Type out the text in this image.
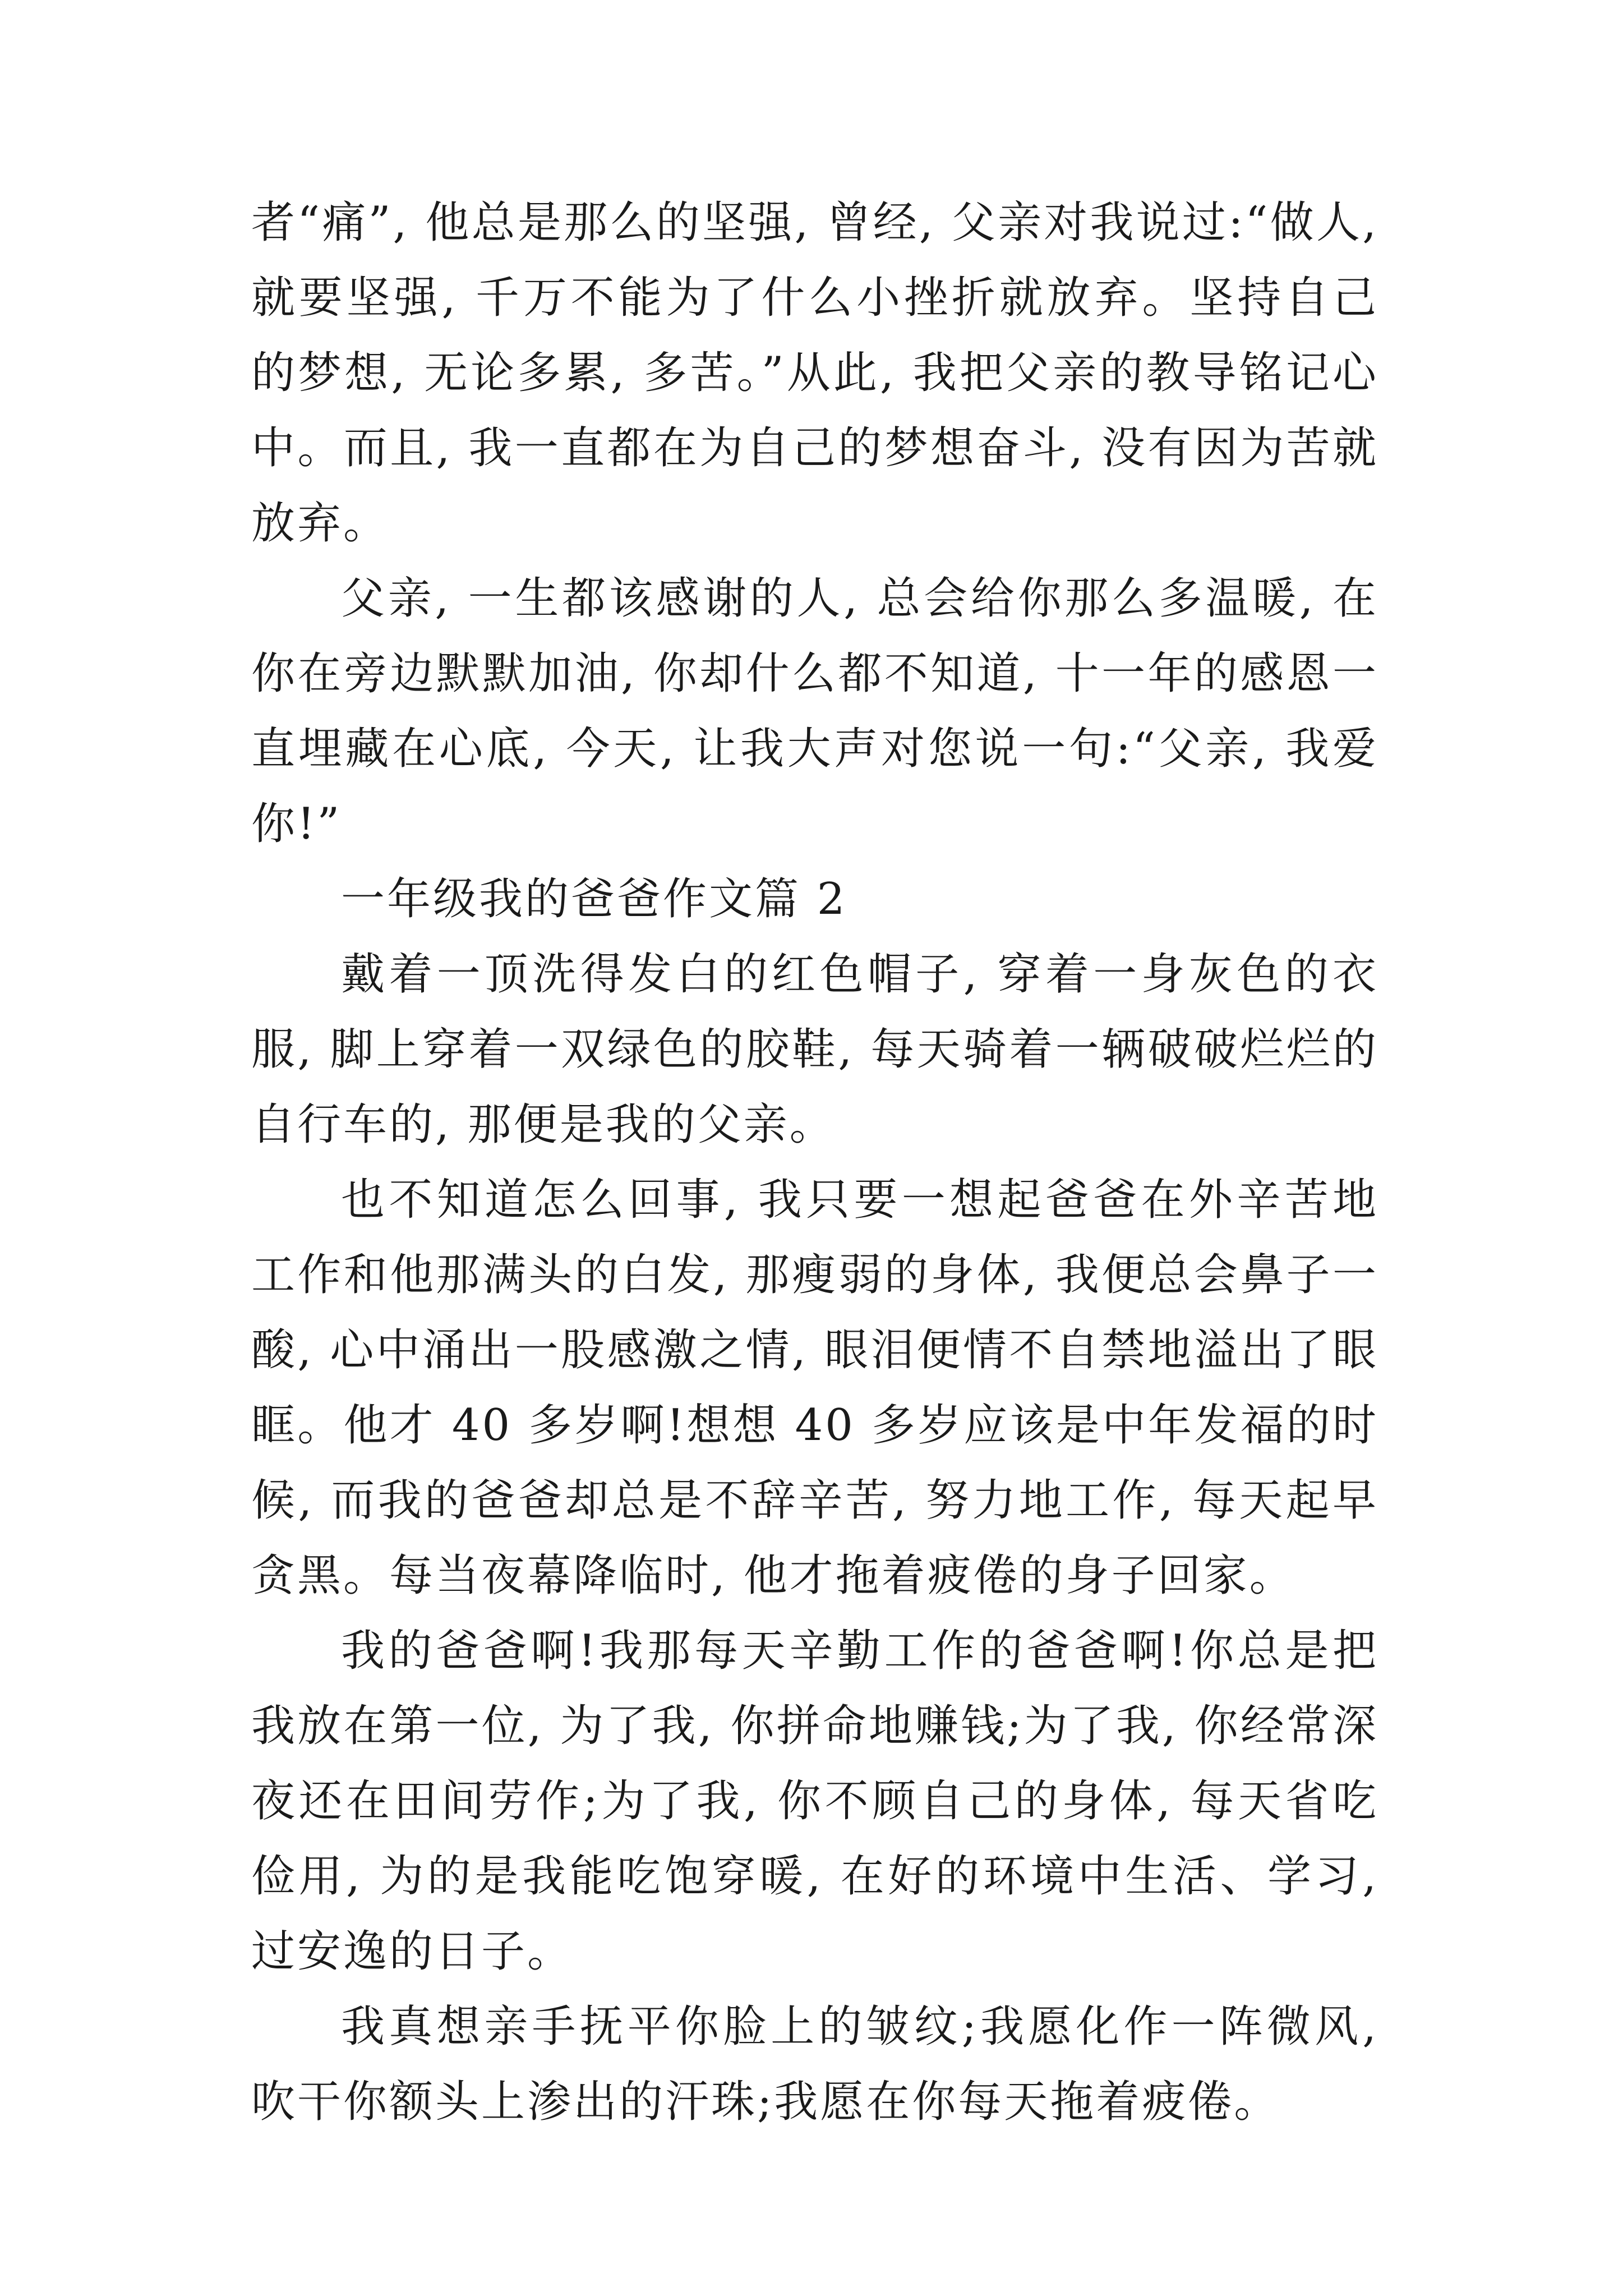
者“痛”, 他总是那么的坚强, 曾经, 父亲对我说过:“做人, 就要坚强, 千万不能为了什么小挫折就放弃。坚持自己的梦想, 无论多累, 多苦。”从此, 我把父亲的教导铭记心中。而且, 我一直都在为自己的梦想奋斗, 没有因为苦就放弃。

父亲, 一生都该感谢的人, 总会给你那么多温暖, 在你在旁边默默加油, 你却什么都不知道, 十一年的感恩一直埋藏在心底, 今天, 让我大声对您说一句:“父亲, 我爱你!”

一年级我的爸爸作文篇 2

戴着一顶洗得发白的红色帽子, 穿着一身灰色的衣服, 脚上穿着一双绿色的胶鞋, 每天骑着一辆破破烂烂的自行车的, 那便是我的父亲。

也不知道怎么回事, 我只要一想起爸爸在外辛苦地工作和他那满头的白发, 那瘦弱的身体, 我便总会鼻子一酸, 心中涌出一股感激之情, 眼泪便情不自禁地溢出了眼眶。他才 40 多岁啊!想想 40 多岁应该是中年发福的时候, 而我的爸爸却总是不辞辛苦, 努力地工作, 每天起早贪黑。每当夜幕降临时, 他才拖着疲倦的身子回家。

我的爸爸啊!我那每天辛勤工作的爸爸啊!你总是把我放在第一位, 为了我, 你拼命地赚钱;为了我, 你经常深夜还在田间劳作;为了我, 你不顾自己的身体, 每天省吃俭用, 为的是我能吃饱穿暖, 在好的环境中生活、学习, 过安逸的日子。

我真想亲手抚平你脸上的皱纹;我愿化作一阵微风, 吹干你额头上渗出的汗珠;我愿在你每天拖着疲倦。
